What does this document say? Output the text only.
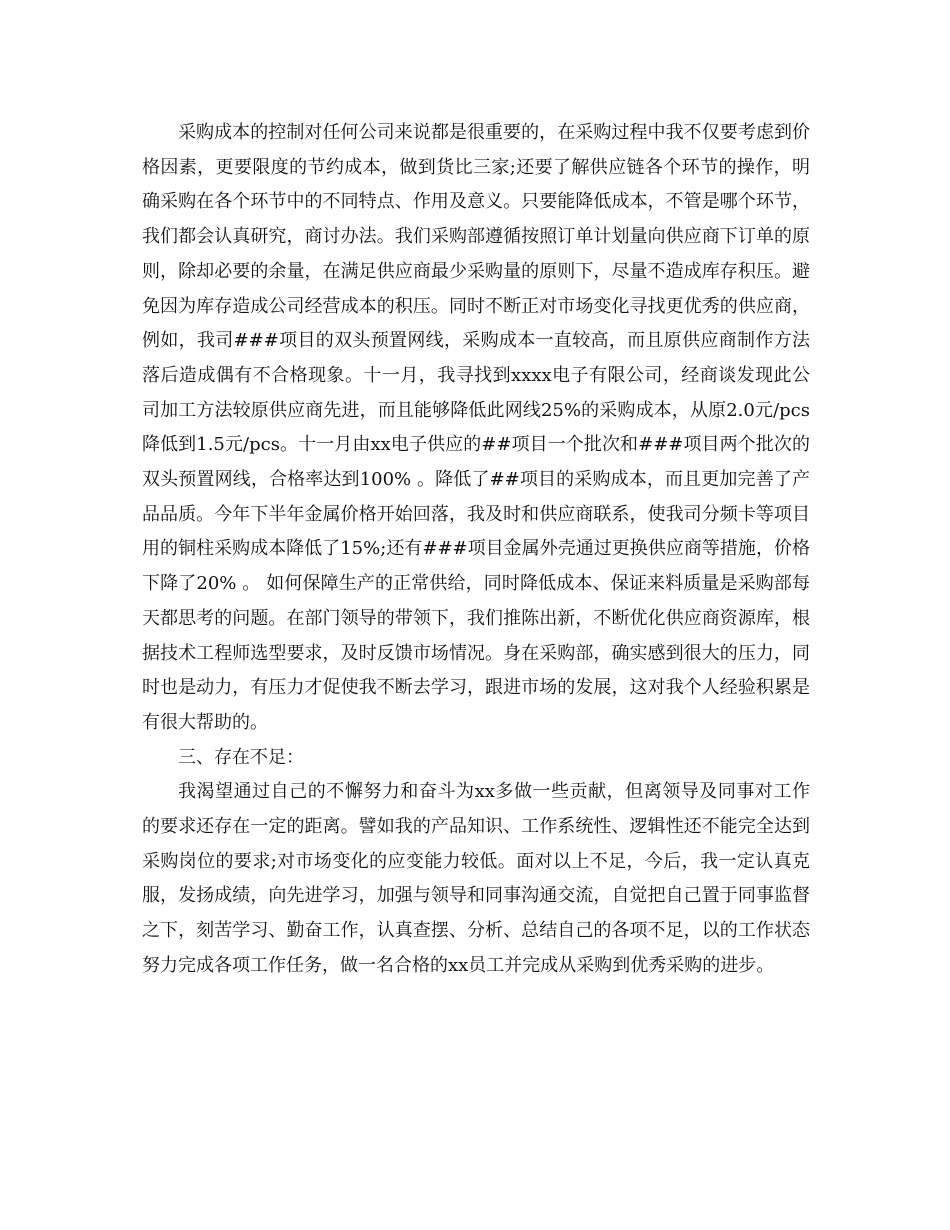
采购成本的控制对任何公司来说都是很重要的，在采购过程中我不仅要考虑到价格因素，更要限度的节约成本，做到货比三家;还要了解供应链各个环节的操作，明确采购在各个环节中的不同特点、作用及意义。只要能降低成本，不管是哪个环节，我们都会认真研究，商讨办法。我们采购部遵循按照订单计划量向供应商下订单的原则，除却必要的余量，在满足供应商最少采购量的原则下，尽量不造成库存积压。避免因为库存造成公司经营成本的积压。同时不断正对市场变化寻找更优秀的供应商，例如，我司###项目的双头预置网线，采购成本一直较高，而且原供应商制作方法落后造成偶有不合格现象。十一月，我寻找到xxxx电子有限公司，经商谈发现此公司加工方法较原供应商先进，而且能够降低此网线25%的采购成本，从原2.0元/pcs降低到1.5元/pcs。十一月由xx电子供应的##项目一个批次和###项目两个批次的双头预置网线，合格率达到100% 。降低了##项目的采购成本，而且更加完善了产品品质。今年下半年金属价格开始回落，我及时和供应商联系，使我司分频卡等项目用的铜柱采购成本降低了15%;还有###项目金属外壳通过更换供应商等措施，价格下降了20% 。 如何保障生产的正常供给，同时降低成本、保证来料质量是采购部每天都思考的问题。在部门领导的带领下，我们推陈出新，不断优化供应商资源库，根据技术工程师选型要求，及时反馈市场情况。身在采购部，确实感到很大的压力，同时也是动力，有压力才促使我不断去学习，跟进市场的发展，这对我个人经验积累是有很大帮助的。

三、存在不足：

我渴望通过自己的不懈努力和奋斗为xx多做一些贡献，但离领导及同事对工作的要求还存在一定的距离。譬如我的产品知识、工作系统性、逻辑性还不能完全达到采购岗位的要求;对市场变化的应变能力较低。面对以上不足，今后，我一定认真克服，发扬成绩，向先进学习，加强与领导和同事沟通交流，自觉把自己置于同事监督之下，刻苦学习、勤奋工作，认真查摆、分析、总结自己的各项不足，以的工作状态努力完成各项工作任务，做一名合格的xx员工并完成从采购到优秀采购的进步。
